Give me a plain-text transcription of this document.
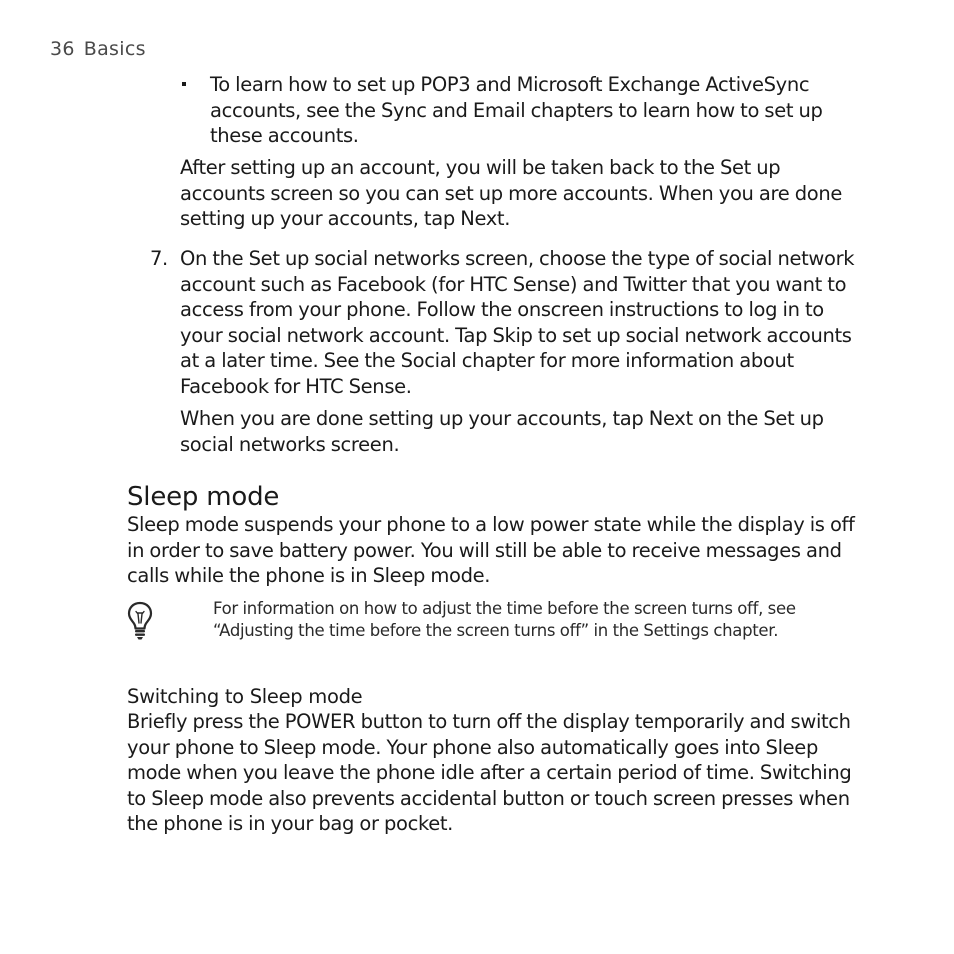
36 Basics
To learn how to set up POP3 and Microsoft Exchange ActiveSync accounts, see the Sync and Email chapters to learn how to set up these accounts.
After setting up an account, you will be taken back to the Set up accounts screen so you can set up more accounts. When you are done setting up your accounts, tap Next.
7. On the Set up social networks screen, choose the type of social network account such as Facebook (for HTC Sense) and Twitter that you want to access from your phone. Follow the onscreen instructions to log in to your social network account. Tap Skip to set up social network accounts at a later time. See the Social chapter for more information about Facebook for HTC Sense.
When you are done setting up your accounts, tap Next on the Set up social networks screen.
Sleep mode
Sleep mode suspends your phone to a low power state while the display is off in order to save battery power. You will still be able to receive messages and calls while the phone is in Sleep mode.
For information on how to adjust the time before the screen turns off, see “Adjusting the time before the screen turns off” in the Settings chapter.
Switching to Sleep mode
Briefly press the POWER button to turn off the display temporarily and switch your phone to Sleep mode. Your phone also automatically goes into Sleep mode when you leave the phone idle after a certain period of time. Switching to Sleep mode also prevents accidental button or touch screen presses when the phone is in your bag or pocket.
